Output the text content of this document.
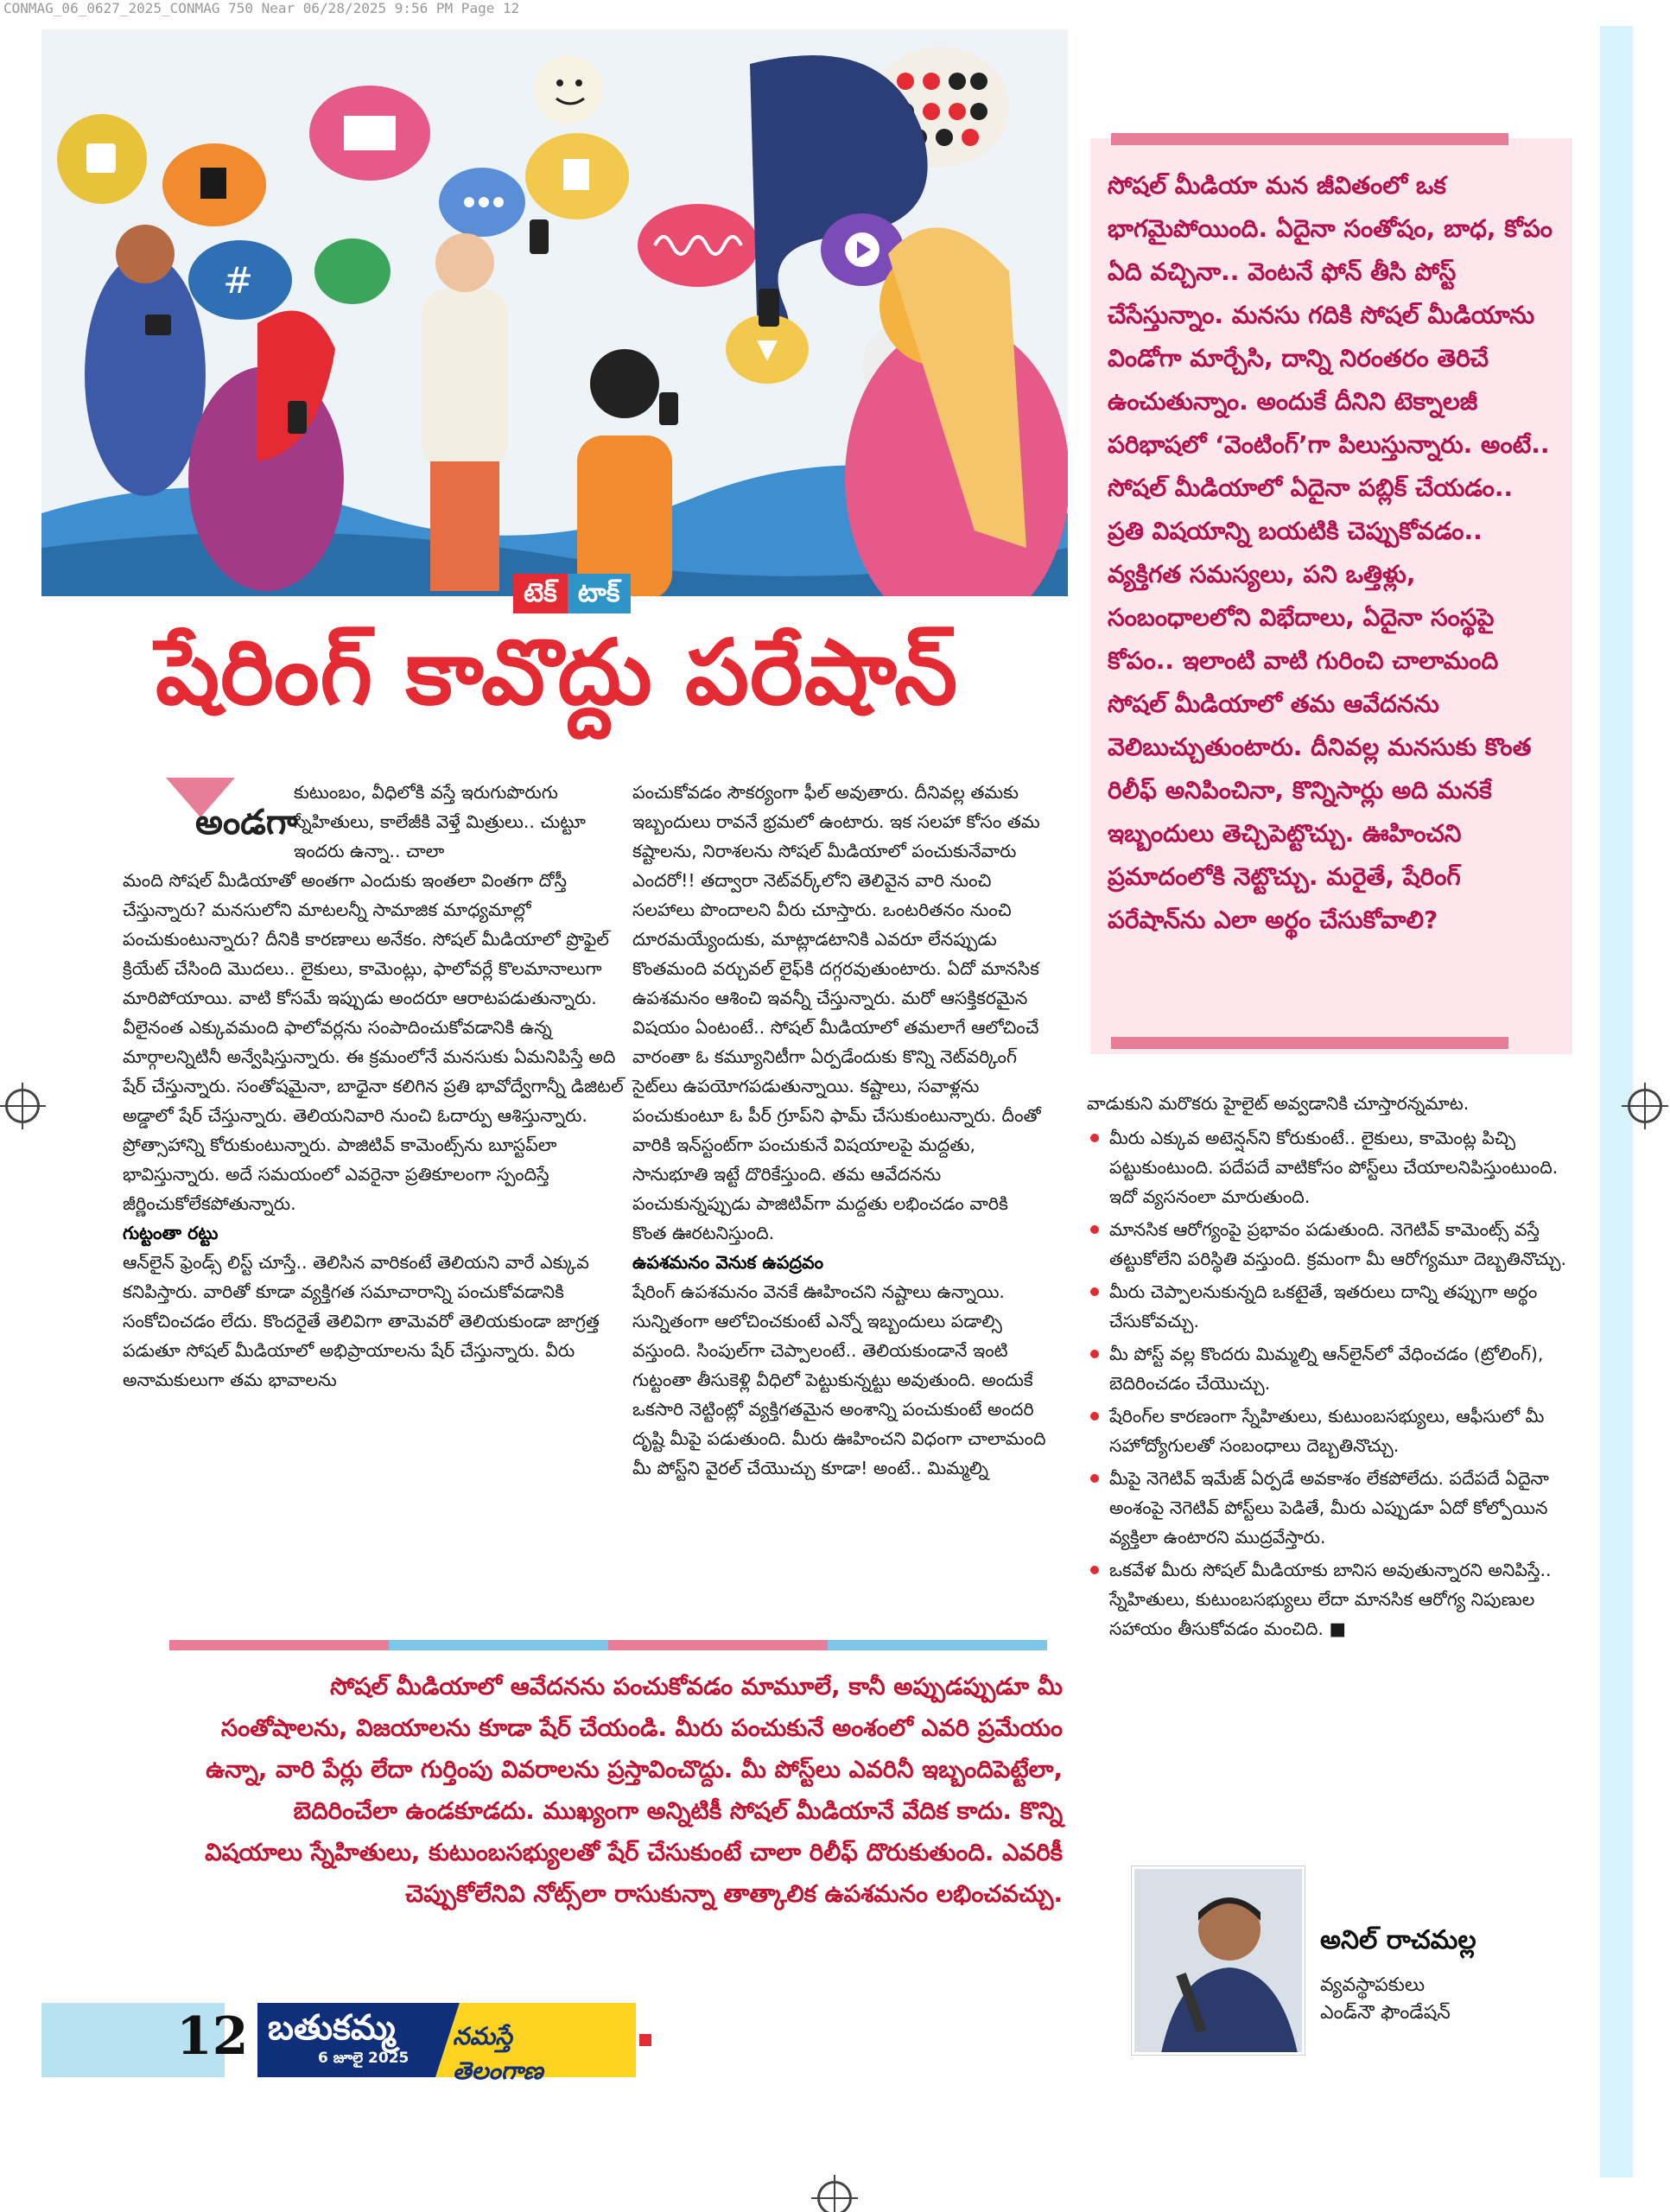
CONMAG_06_0627_2025_CONMAG 750 Near 06/28/2025 9:56 PM Page 12
#
టెక్ టాక్
షేరింగ్ కావొద్దు పరేషాన్
సోషల్ మీడియా మన జీవితంలో ఒక భాగమైపోయింది. ఏదైనా సంతోషం, బాధ, కోపం ఏది వచ్చినా.. వెంటనే ఫోన్ తీసి పోస్ట్ చేసేస్తున్నాం. మనసు గదికి సోషల్ మీడియాను విండోగా మార్చేసి, దాన్ని నిరంతరం తెరిచే ఉంచుతున్నాం. అందుకే దీనిని టెక్నాలజీ పరిభాషలో ‘వెంటింగ్’గా పిలుస్తున్నారు. అంటే.. సోషల్ మీడియాలో ఏదైనా పబ్లిక్ చేయడం.. ప్రతి విషయాన్ని బయటికి చెప్పుకోవడం.. వ్యక్తిగత సమస్యలు, పని ఒత్తిళ్లు, సంబంధాలలోని విభేదాలు, ఏదైనా సంస్థపై కోపం.. ఇలాంటి వాటి గురించి చాలామంది సోషల్ మీడియాలో తమ ఆవేదనను వెలిబుచ్చుతుంటారు. దీనివల్ల మనసుకు కొంత రిలీఫ్ అనిపించినా, కొన్నిసార్లు అది మనకే ఇబ్బందులు తెచ్చిపెట్టొచ్చు. ఊహించని ప్రమాదంలోకి నెట్టొచ్చు. మరైతే, షేరింగ్ పరేషాన్‌ను ఎలా అర్థం చేసుకోవాలి?
అండగా

కుటుంబం, వీధిలోకి వస్తే ఇరుగుపొరుగు స్నేహితులు, కాలేజీకి వెళ్తే మిత్రులు.. చుట్టూ ఇందరు ఉన్నా.. చాలా

మంది సోషల్ మీడియాతో అంతగా ఎందుకు ఇంతలా వింతగా దోస్తీ చేస్తున్నారు? మనసులోని మాటలన్నీ సామాజిక మాధ్యమాల్లో పంచుకుంటున్నారు? దీనికి కారణాలు అనేకం. సోషల్ మీడియాలో ప్రొఫైల్ క్రియేట్ చేసింది మొదలు.. లైకులు, కామెంట్లు, ఫాలోవర్లే కొలమానాలుగా మారిపోయాయి. వాటి కోసమే ఇప్పుడు అందరూ ఆరాటపడుతున్నారు. వీలైనంత ఎక్కువమంది ఫాలోవర్లను సంపాదించుకోవడానికి ఉన్న మార్గాలన్నిటినీ అన్వేషిస్తున్నారు. ఈ క్రమంలోనే మనసుకు ఏమనిపిస్తే అది షేర్ చేస్తున్నారు. సంతోషమైనా, బాధైనా కలిగిన ప్రతి భావోద్వేగాన్నీ డిజిటల్ అడ్డాలో షేర్ చేస్తున్నారు. తెలియనివారి నుంచి ఓదార్పు ఆశిస్తున్నారు. ప్రోత్సాహాన్ని కోరుకుంటున్నారు. పాజిటివ్ కామెంట్స్‌ను బూస్టప్‌లా భావిస్తున్నారు. అదే సమయంలో ఎవరైనా ప్రతికూలంగా స్పందిస్తే జీర్ణించుకోలేకపోతున్నారు.

గుట్టంతా రట్టు

ఆన్‌లైన్ ఫ్రెండ్స్ లిస్ట్ చూస్తే.. తెలిసిన వారికంటే తెలియని వారే ఎక్కువ కనిపిస్తారు. వారితో కూడా వ్యక్తిగత సమాచారాన్ని పంచుకోవడానికి సంకోచించడం లేదు. కొందరైతే తెలివిగా తామెవరో తెలియకుండా జాగ్రత్త పడుతూ సోషల్ మీడియాలో అభిప్రాయాలను షేర్ చేస్తున్నారు. వీరు అనామకులుగా తమ భావాలను

పంచుకోవడం సౌకర్యంగా ఫీల్ అవుతారు. దీనివల్ల తమకు ఇబ్బందులు రావనే భ్రమలో ఉంటారు. ఇక సలహా కోసం తమ కష్టాలను, నిరాశలను సోషల్ మీడియాలో పంచుకునేవారు ఎందరో!! తద్వారా నెట్‌వర్క్‌లోని తెలివైన వారి నుంచి సలహాలు పొందాలని వీరు చూస్తారు. ఒంటరితనం నుంచి దూరమయ్యేందుకు, మాట్లాడటానికి ఎవరూ లేనప్పుడు కొంతమంది వర్చువల్ లైఫ్‌కి దగ్గరవుతుంటారు. ఏదో మానసిక ఉపశమనం ఆశించి ఇవన్నీ చేస్తున్నారు. మరో ఆసక్తికరమైన విషయం ఏంటంటే.. సోషల్ మీడియాలో తమలాగే ఆలోచించే వారంతా ఓ కమ్యూనిటీగా ఏర్పడేందుకు కొన్ని నెట్‌వర్కింగ్ సైట్‌లు ఉపయోగపడుతున్నాయి. కష్టాలు, సవాళ్లను పంచుకుంటూ ఓ పీర్ గ్రూప్‌ని ఫామ్ చేసుకుంటున్నారు. దీంతో వారికి ఇన్‌స్టంట్‌గా పంచుకునే విషయాలపై మద్దతు, సానుభూతి ఇట్టే దొరికేస్తుంది. తమ ఆవేదనను పంచుకున్నప్పుడు పాజిటివ్‌గా మద్దతు లభించడం వారికి కొంత ఊరటనిస్తుంది.

ఉపశమనం వెనుక ఉపద్రవం

షేరింగ్ ఉపశమనం వెనకే ఊహించని నష్టాలు ఉన్నాయి. సున్నితంగా ఆలోచించకుంటే ఎన్నో ఇబ్బందులు పడాల్సి వస్తుంది. సింపుల్‌గా చెప్పాలంటే.. తెలియకుండానే ఇంటి గుట్టంతా తీసుకెళ్లి వీధిలో పెట్టుకున్నట్టు అవుతుంది. అందుకే ఒకసారి నెట్టింట్లో వ్యక్తిగతమైన అంశాన్ని పంచుకుంటే అందరి దృష్టి మీపై పడుతుంది. మీరు ఊహించని విధంగా చాలామంది మీ పోస్ట్‌ని వైరల్ చేయొచ్చు కూడా! అంటే.. మిమ్మల్ని

వాడుకుని మరొకరు హైలైట్ అవ్వడానికి చూస్తారన్నమాట.

మీరు ఎక్కువ అటెన్షన్‌ని కోరుకుంటే.. లైకులు, కామెంట్ల పిచ్చి పట్టుకుంటుంది. పదేపదే వాటికోసం పోస్ట్‌లు చేయాలనిపిస్తుంటుంది. ఇదో వ్యసనంలా మారుతుంది.
మానసిక ఆరోగ్యంపై ప్రభావం పడుతుంది. నెగెటివ్ కామెంట్స్ వస్తే తట్టుకోలేని పరిస్థితి వస్తుంది. క్రమంగా మీ ఆరోగ్యమూ దెబ్బతినొచ్చు.
మీరు చెప్పాలనుకున్నది ఒకటైతే, ఇతరులు దాన్ని తప్పుగా అర్థం చేసుకోవచ్చు.
మీ పోస్ట్ వల్ల కొందరు మిమ్మల్ని ఆన్‌లైన్‌లో వేధించడం (ట్రోలింగ్), బెదిరించడం చేయొచ్చు.
షేరింగ్‌ల కారణంగా స్నేహితులు, కుటుంబసభ్యులు, ఆఫీసులో మీ సహోద్యోగులతో సంబంధాలు దెబ్బతినొచ్చు.
మీపై నెగెటివ్ ఇమేజ్ ఏర్పడే అవకాశం లేకపోలేదు. పదేపదే ఏదైనా అంశంపై నెగెటివ్ పోస్ట్‌లు పెడితే, మీరు ఎప్పుడూ ఏదో కోల్పోయిన వ్యక్తిలా ఉంటారని ముద్రవేస్తారు.
ఒకవేళ మీరు సోషల్ మీడియాకు బానిస అవుతున్నారని అనిపిస్తే.. స్నేహితులు, కుటుంబసభ్యులు లేదా మానసిక ఆరోగ్య నిపుణుల సహాయం తీసుకోవడం మంచిది. ■
సోషల్ మీడియాలో ఆవేదనను పంచుకోవడం మామూలే, కానీ అప్పుడప్పుడూ మీ సంతోషాలను, విజయాలను కూడా షేర్ చేయండి. మీరు పంచుకునే అంశంలో ఎవరి ప్రమేయం ఉన్నా, వారి పేర్లు లేదా గుర్తింపు వివరాలను ప్రస్తావించొద్దు. మీ పోస్ట్‌లు ఎవరినీ ఇబ్బందిపెట్టేలా, బెదిరించేలా ఉండకూడదు. ముఖ్యంగా అన్నిటికీ సోషల్ మీడియానే వేదిక కాదు. కొన్ని విషయాలు స్నేహితులు, కుటుంబసభ్యులతో షేర్ చేసుకుంటే చాలా రిలీఫ్ దొరుకుతుంది. ఎవరికీ చెప్పుకోలేనివి నోట్స్‌లా రాసుకున్నా తాత్కాలిక ఉపశమనం లభించవచ్చు.
అనిల్ రాచమల్ల
వ్యవస్థాపకులు
ఎండ్‌నౌ ఫౌండేషన్
12 బతుకమ్మ
6 జూలై 2025
నమస్తే తెలంగాణ
